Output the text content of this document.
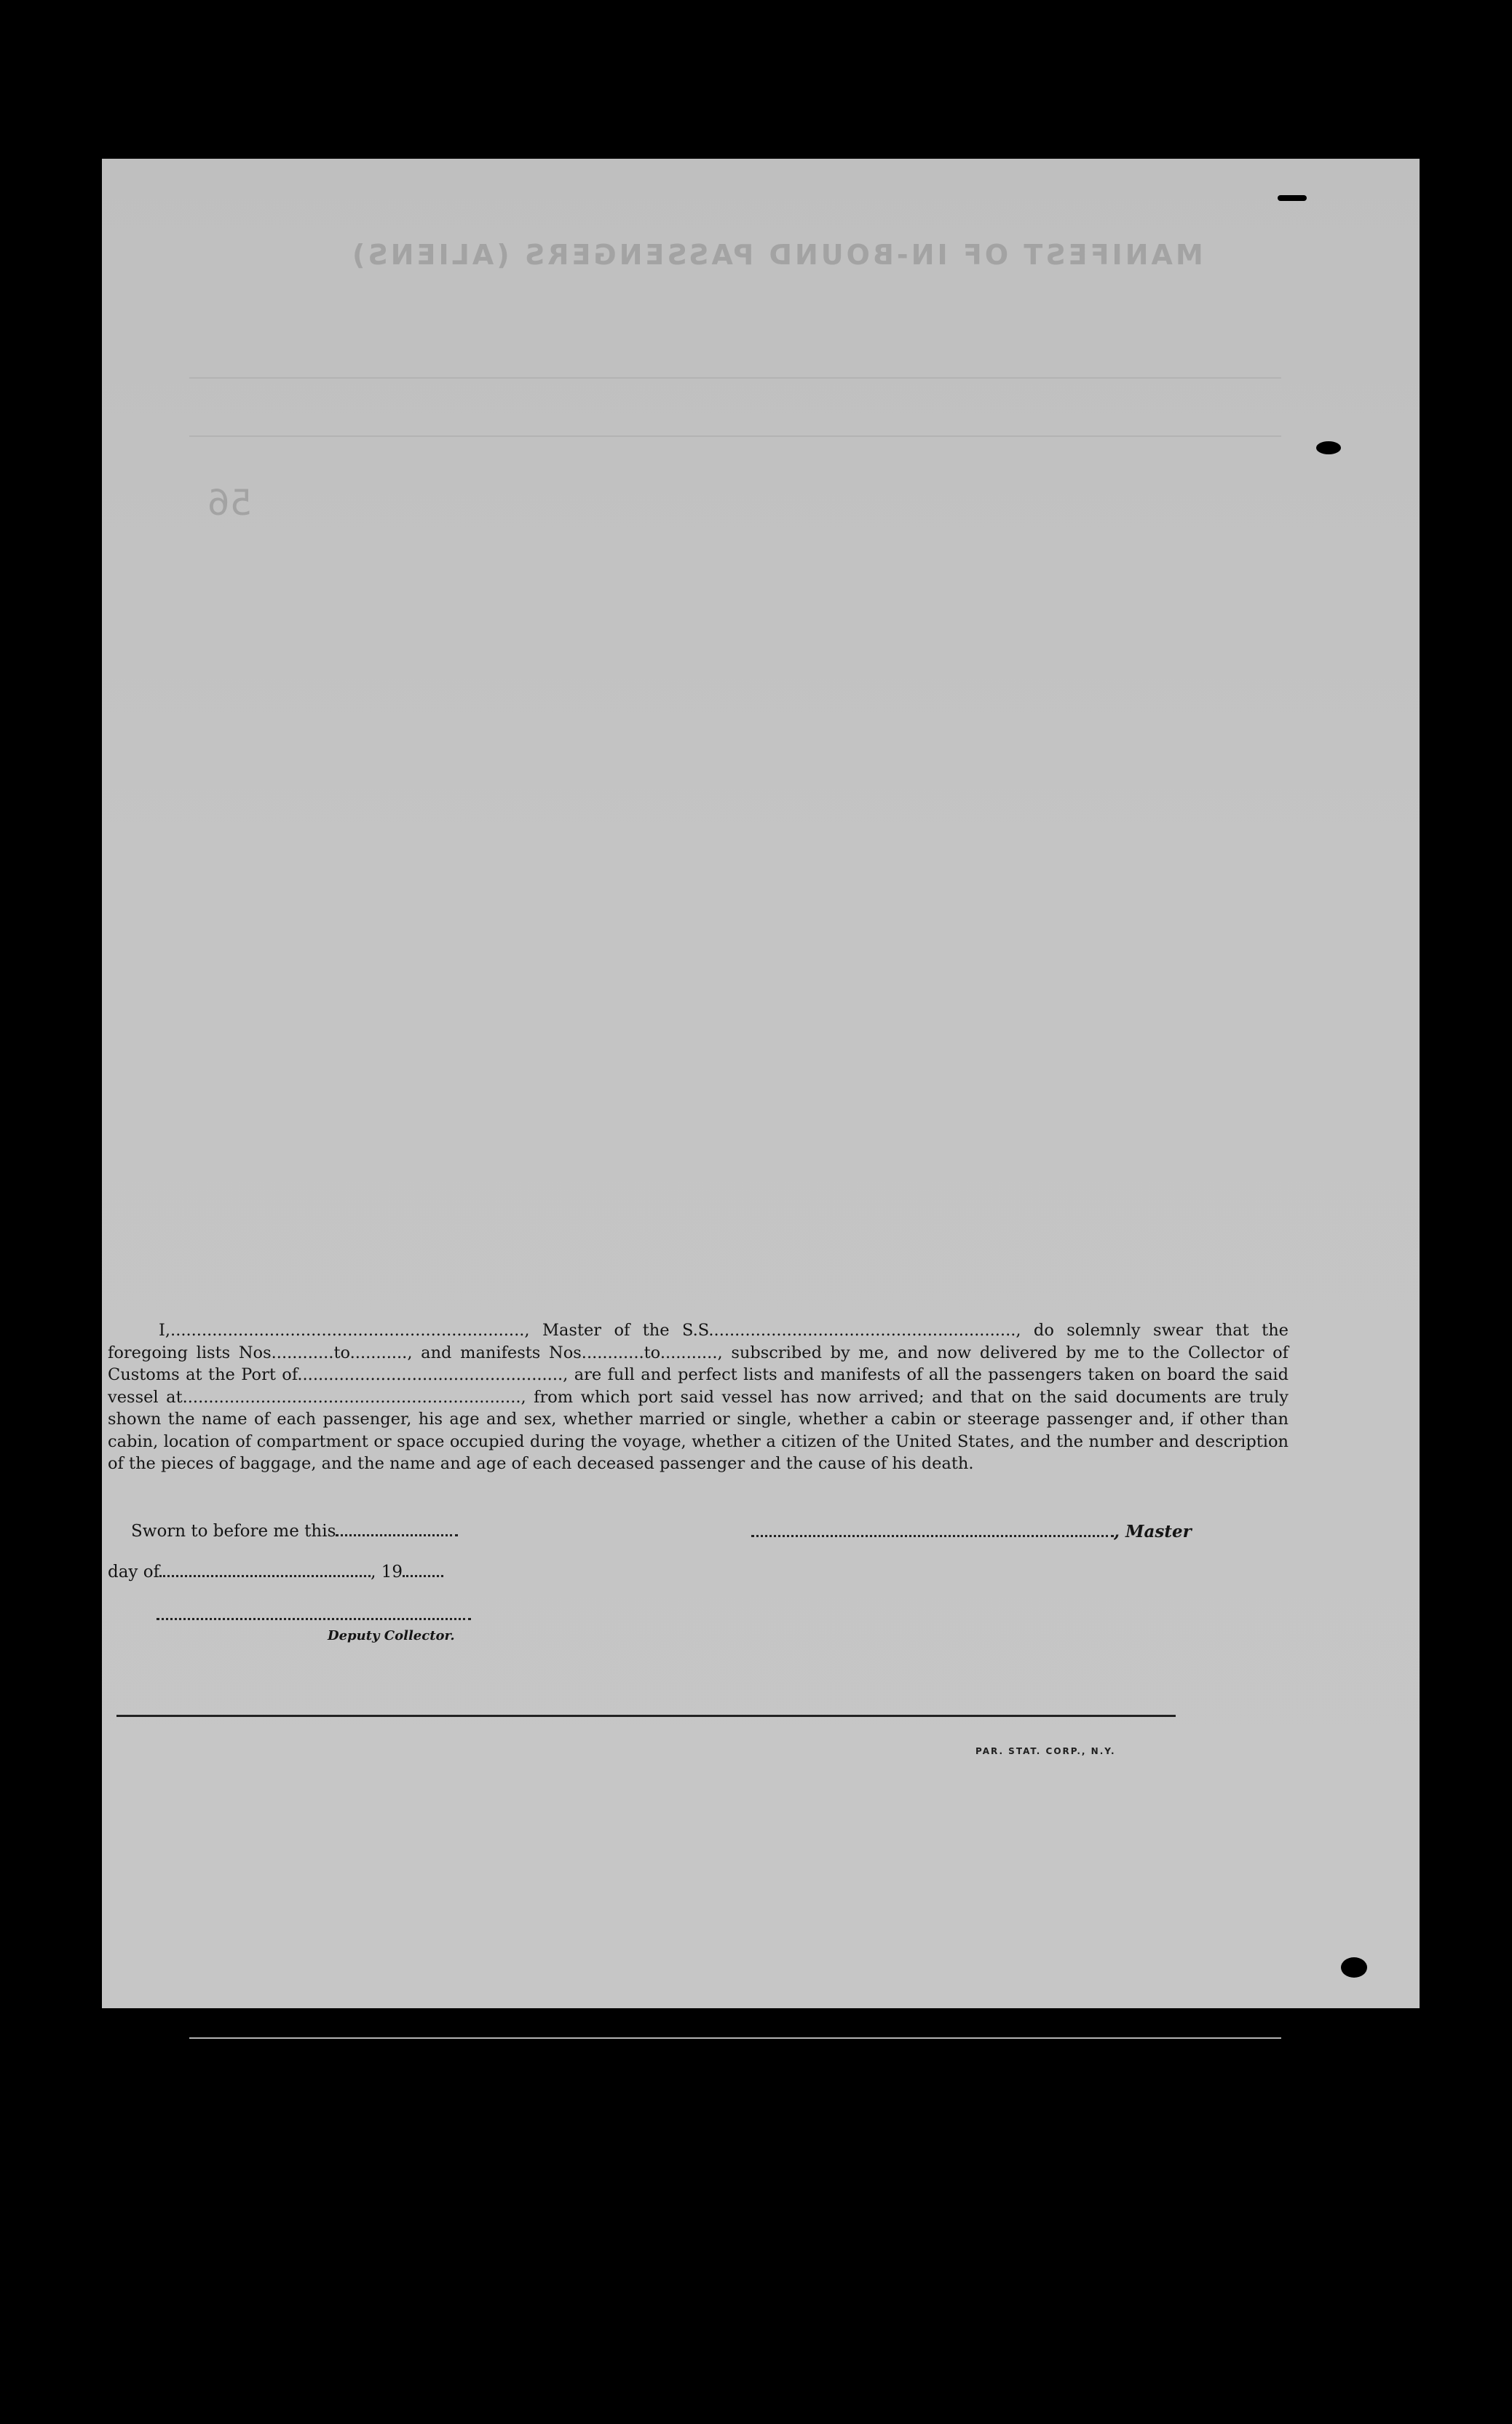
MANIFEST OF IN-BOUND PASSENGERS (ALIENS)
56

I,...................................................................., Master of the S.S..........................................................., do solemnly swear that the foregoing lists Nos............to..........., and manifests Nos............to..........., subscribed by me, and now delivered by me to the Collector of Customs at the Port of..................................................., are full and perfect lists and manifests of all the passengers taken on board the said vessel at................................................................., from which port said vessel has now arrived; and that on the said documents are truly shown the name of each passenger, his age and sex, whether married or single, whether a cabin or steerage passenger and, if other than cabin, location of compartment or space occupied during the voyage, whether a citizen of the United States, and the number and description of the pieces of baggage, and the name and age of each deceased passenger and the cause of his death.

Sworn to before me this	, Master
day of	, 19
Deputy Collector.
PAR. STAT. CORP., N.Y.
